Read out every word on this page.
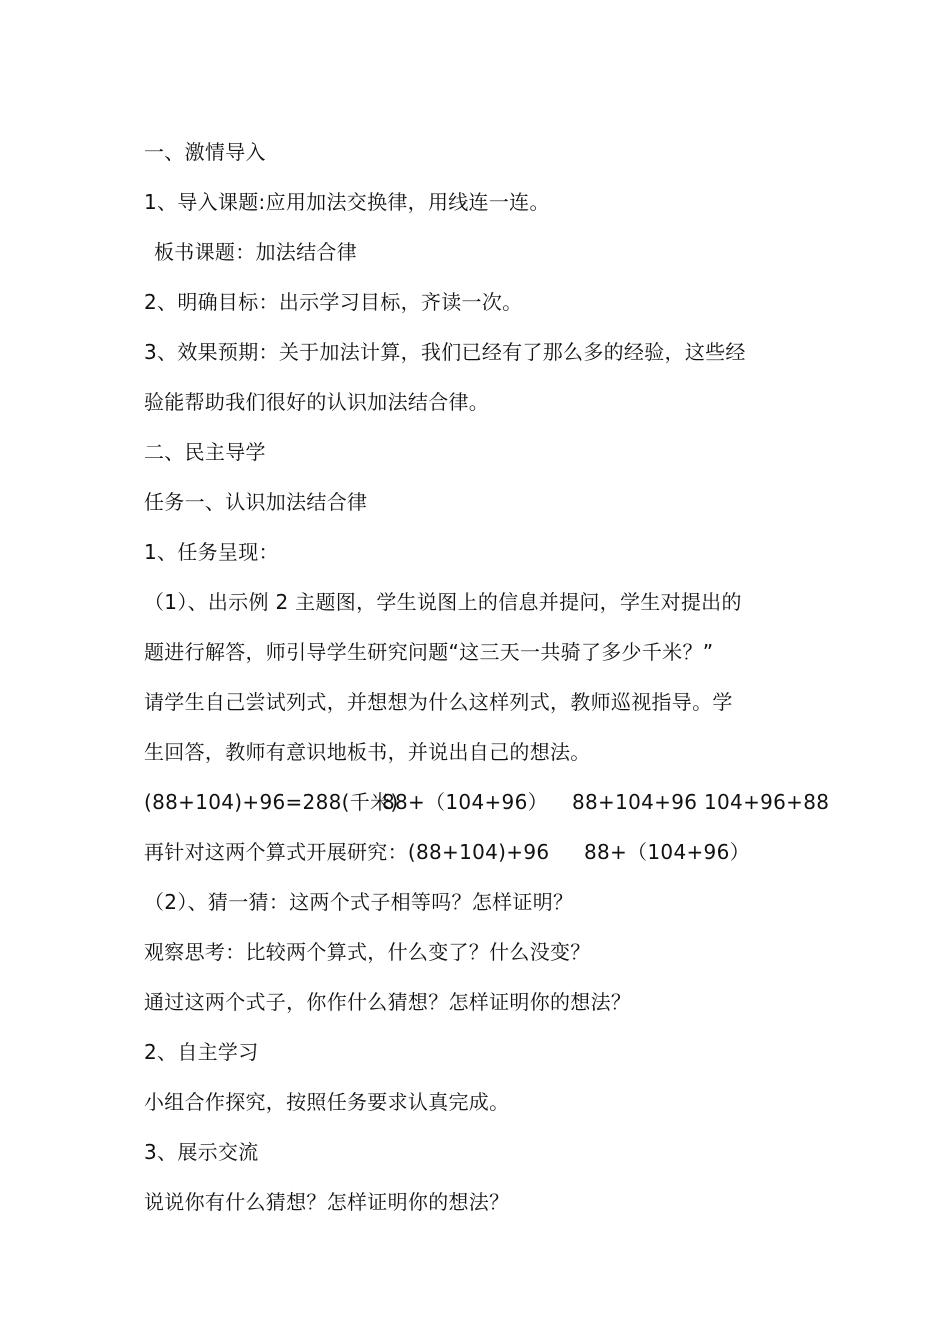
一、激情导入
1、导入课题:应用加法交换律，用线连一连。
板书课题：加法结合律
2、明确目标：出示学习目标，齐读一次。
3、效果预期：关于加法计算，我们已经有了那么多的经验，这些经
验能帮助我们很好的认识加法结合律。
二、民主导学
任务一、认识加法结合律
1、任务呈现：
（1）、出示例 2 主题图，学生说图上的信息并提问，学生对提出的
题进行解答，师引导学生研究问题“这三天一共骑了多少千米？”
请学生自己尝试列式，并想想为什么这样列式，教师巡视指导。学
生回答，教师有意识地板书，并说出自己的想法。
(88+104)+96=288(千米)
88+（104+96） 88+104+96 104+96+88
再针对这两个算式开展研究：(88+104)+96 88+（104+96）
（2）、猜一猜：这两个式子相等吗？怎样证明？
观察思考：比较两个算式，什么变了？什么没变？
通过这两个式子，你作什么猜想？怎样证明你的想法？
2、自主学习
小组合作探究，按照任务要求认真完成。
3、展示交流
说说你有什么猜想？怎样证明你的想法？
